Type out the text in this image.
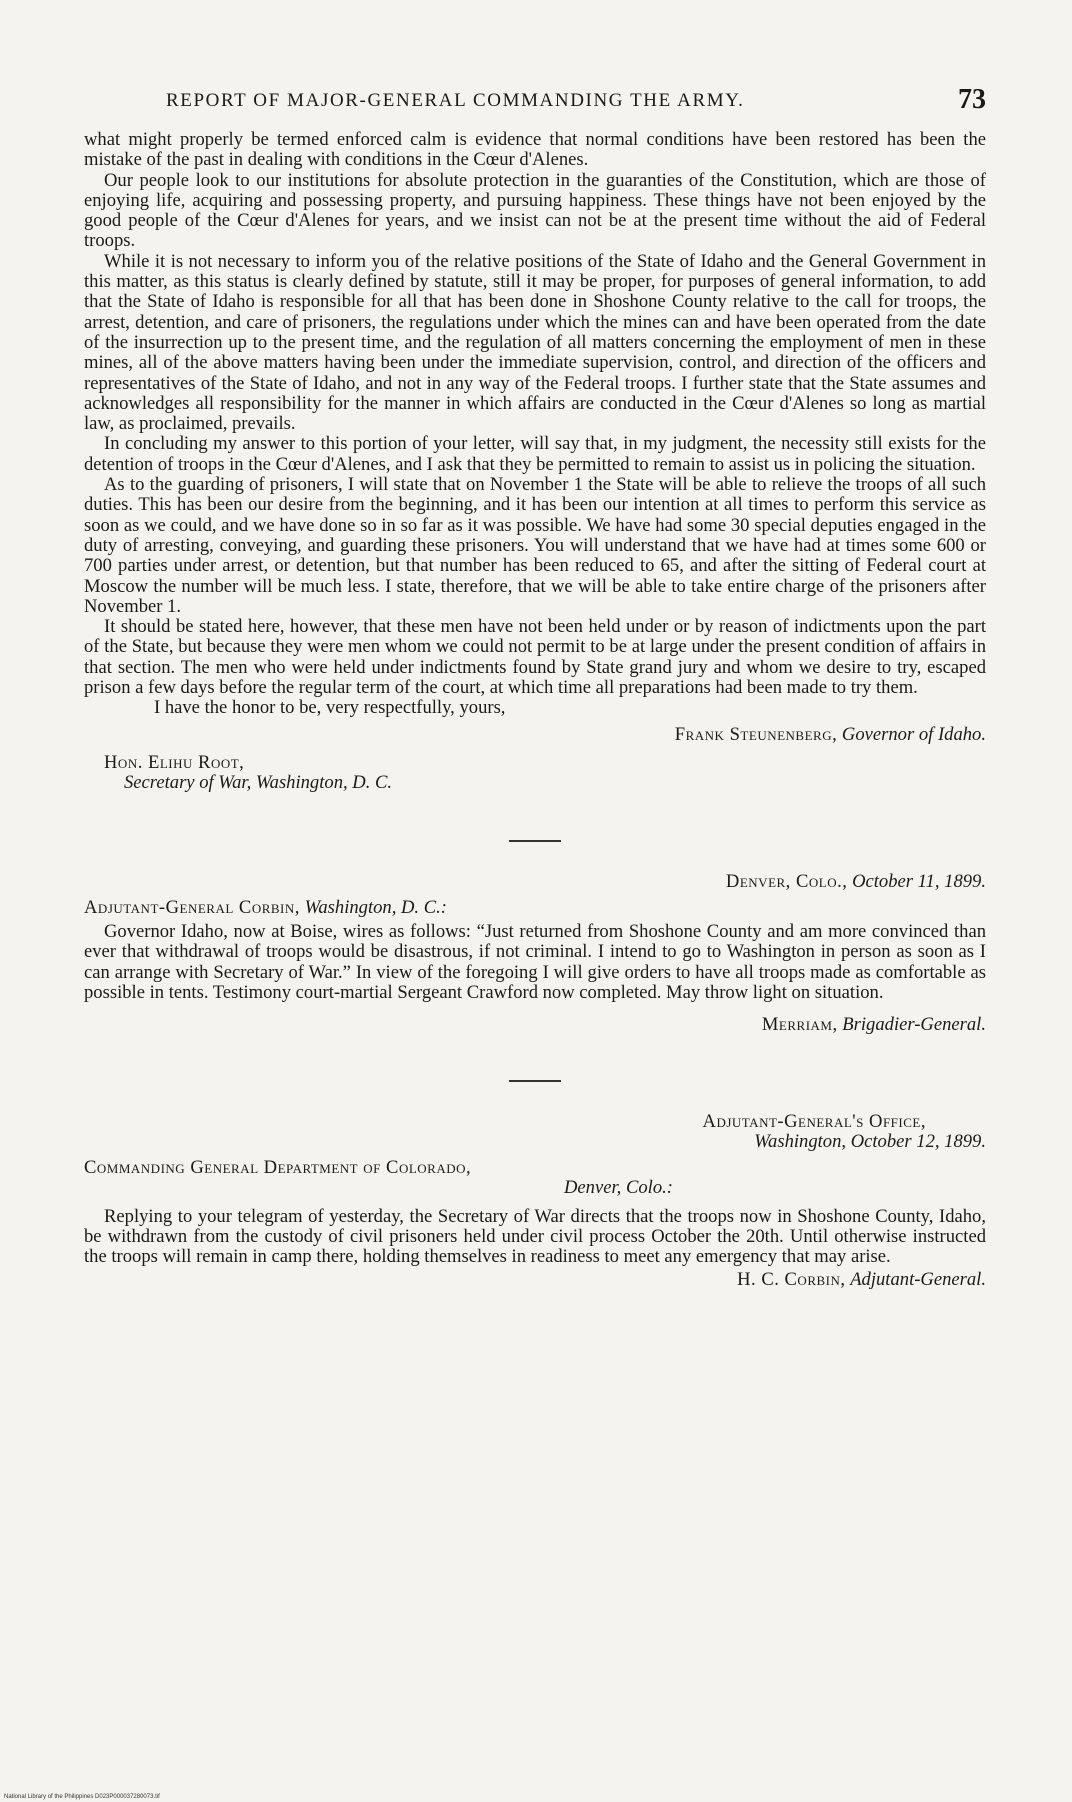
REPORT OF MAJOR-GENERAL COMMANDING THE ARMY.	73

what might properly be termed enforced calm is evidence that normal conditions have been restored has been the mistake of the past in dealing with conditions in the Cœur d'Alenes.

Our people look to our institutions for absolute protection in the guaranties of the Constitution, which are those of enjoying life, acquiring and possessing property, and pursuing happiness. These things have not been enjoyed by the good people of the Cœur d'Alenes for years, and we insist can not be at the present time without the aid of Federal troops.

While it is not necessary to inform you of the relative positions of the State of Idaho and the General Government in this matter, as this status is clearly defined by statute, still it may be proper, for purposes of general information, to add that the State of Idaho is responsible for all that has been done in Shoshone County relative to the call for troops, the arrest, detention, and care of prisoners, the regulations under which the mines can and have been operated from the date of the insurrection up to the present time, and the regulation of all matters concerning the employment of men in these mines, all of the above matters having been under the immediate supervision, control, and direction of the officers and representatives of the State of Idaho, and not in any way of the Federal troops. I further state that the State assumes and acknowledges all responsibility for the manner in which affairs are conducted in the Cœur d'Alenes so long as martial law, as proclaimed, prevails.

In concluding my answer to this portion of your letter, will say that, in my judgment, the necessity still exists for the detention of troops in the Cœur d'Alenes, and I ask that they be permitted to remain to assist us in policing the situation.

As to the guarding of prisoners, I will state that on November 1 the State will be able to relieve the troops of all such duties. This has been our desire from the beginning, and it has been our intention at all times to perform this service as soon as we could, and we have done so in so far as it was possible. We have had some 30 special deputies engaged in the duty of arresting, conveying, and guarding these prisoners. You will understand that we have had at times some 600 or 700 parties under arrest, or detention, but that number has been reduced to 65, and after the sitting of Federal court at Moscow the number will be much less. I state, therefore, that we will be able to take entire charge of the prisoners after November 1.

It should be stated here, however, that these men have not been held under or by reason of indictments upon the part of the State, but because they were men whom we could not permit to be at large under the present condition of affairs in that section. The men who were held under indictments found by State grand jury and whom we desire to try, escaped prison a few days before the regular term of the court, at which time all preparations had been made to try them.

I have the honor to be, very respectfully, yours,

Frank Steunenberg, Governor of Idaho.

Hon. Elihu Root,

Secretary of War, Washington, D. C.

Denver, Colo., October 11, 1899.

Adjutant-General Corbin, Washington, D. C.:

Governor Idaho, now at Boise, wires as follows: “Just returned from Shoshone County and am more convinced than ever that withdrawal of troops would be disastrous, if not criminal. I intend to go to Washington in person as soon as I can arrange with Secretary of War.” In view of the foregoing I will give orders to have all troops made as comfortable as possible in tents. Testimony court-martial Sergeant Crawford now completed. May throw light on situation.

Merriam, Brigadier-General.

Adjutant-General's Office,

Washington, October 12, 1899.

Commanding General Department of Colorado,

Denver, Colo.:

Replying to your telegram of yesterday, the Secretary of War directs that the troops now in Shoshone County, Idaho, be withdrawn from the custody of civil prisoners held under civil process October the 20th. Until otherwise instructed the troops will remain in camp there, holding themselves in readiness to meet any emergency that may arise.

H. C. Corbin, Adjutant-General.

National Library of the Philippines D023P000037280073.tif
